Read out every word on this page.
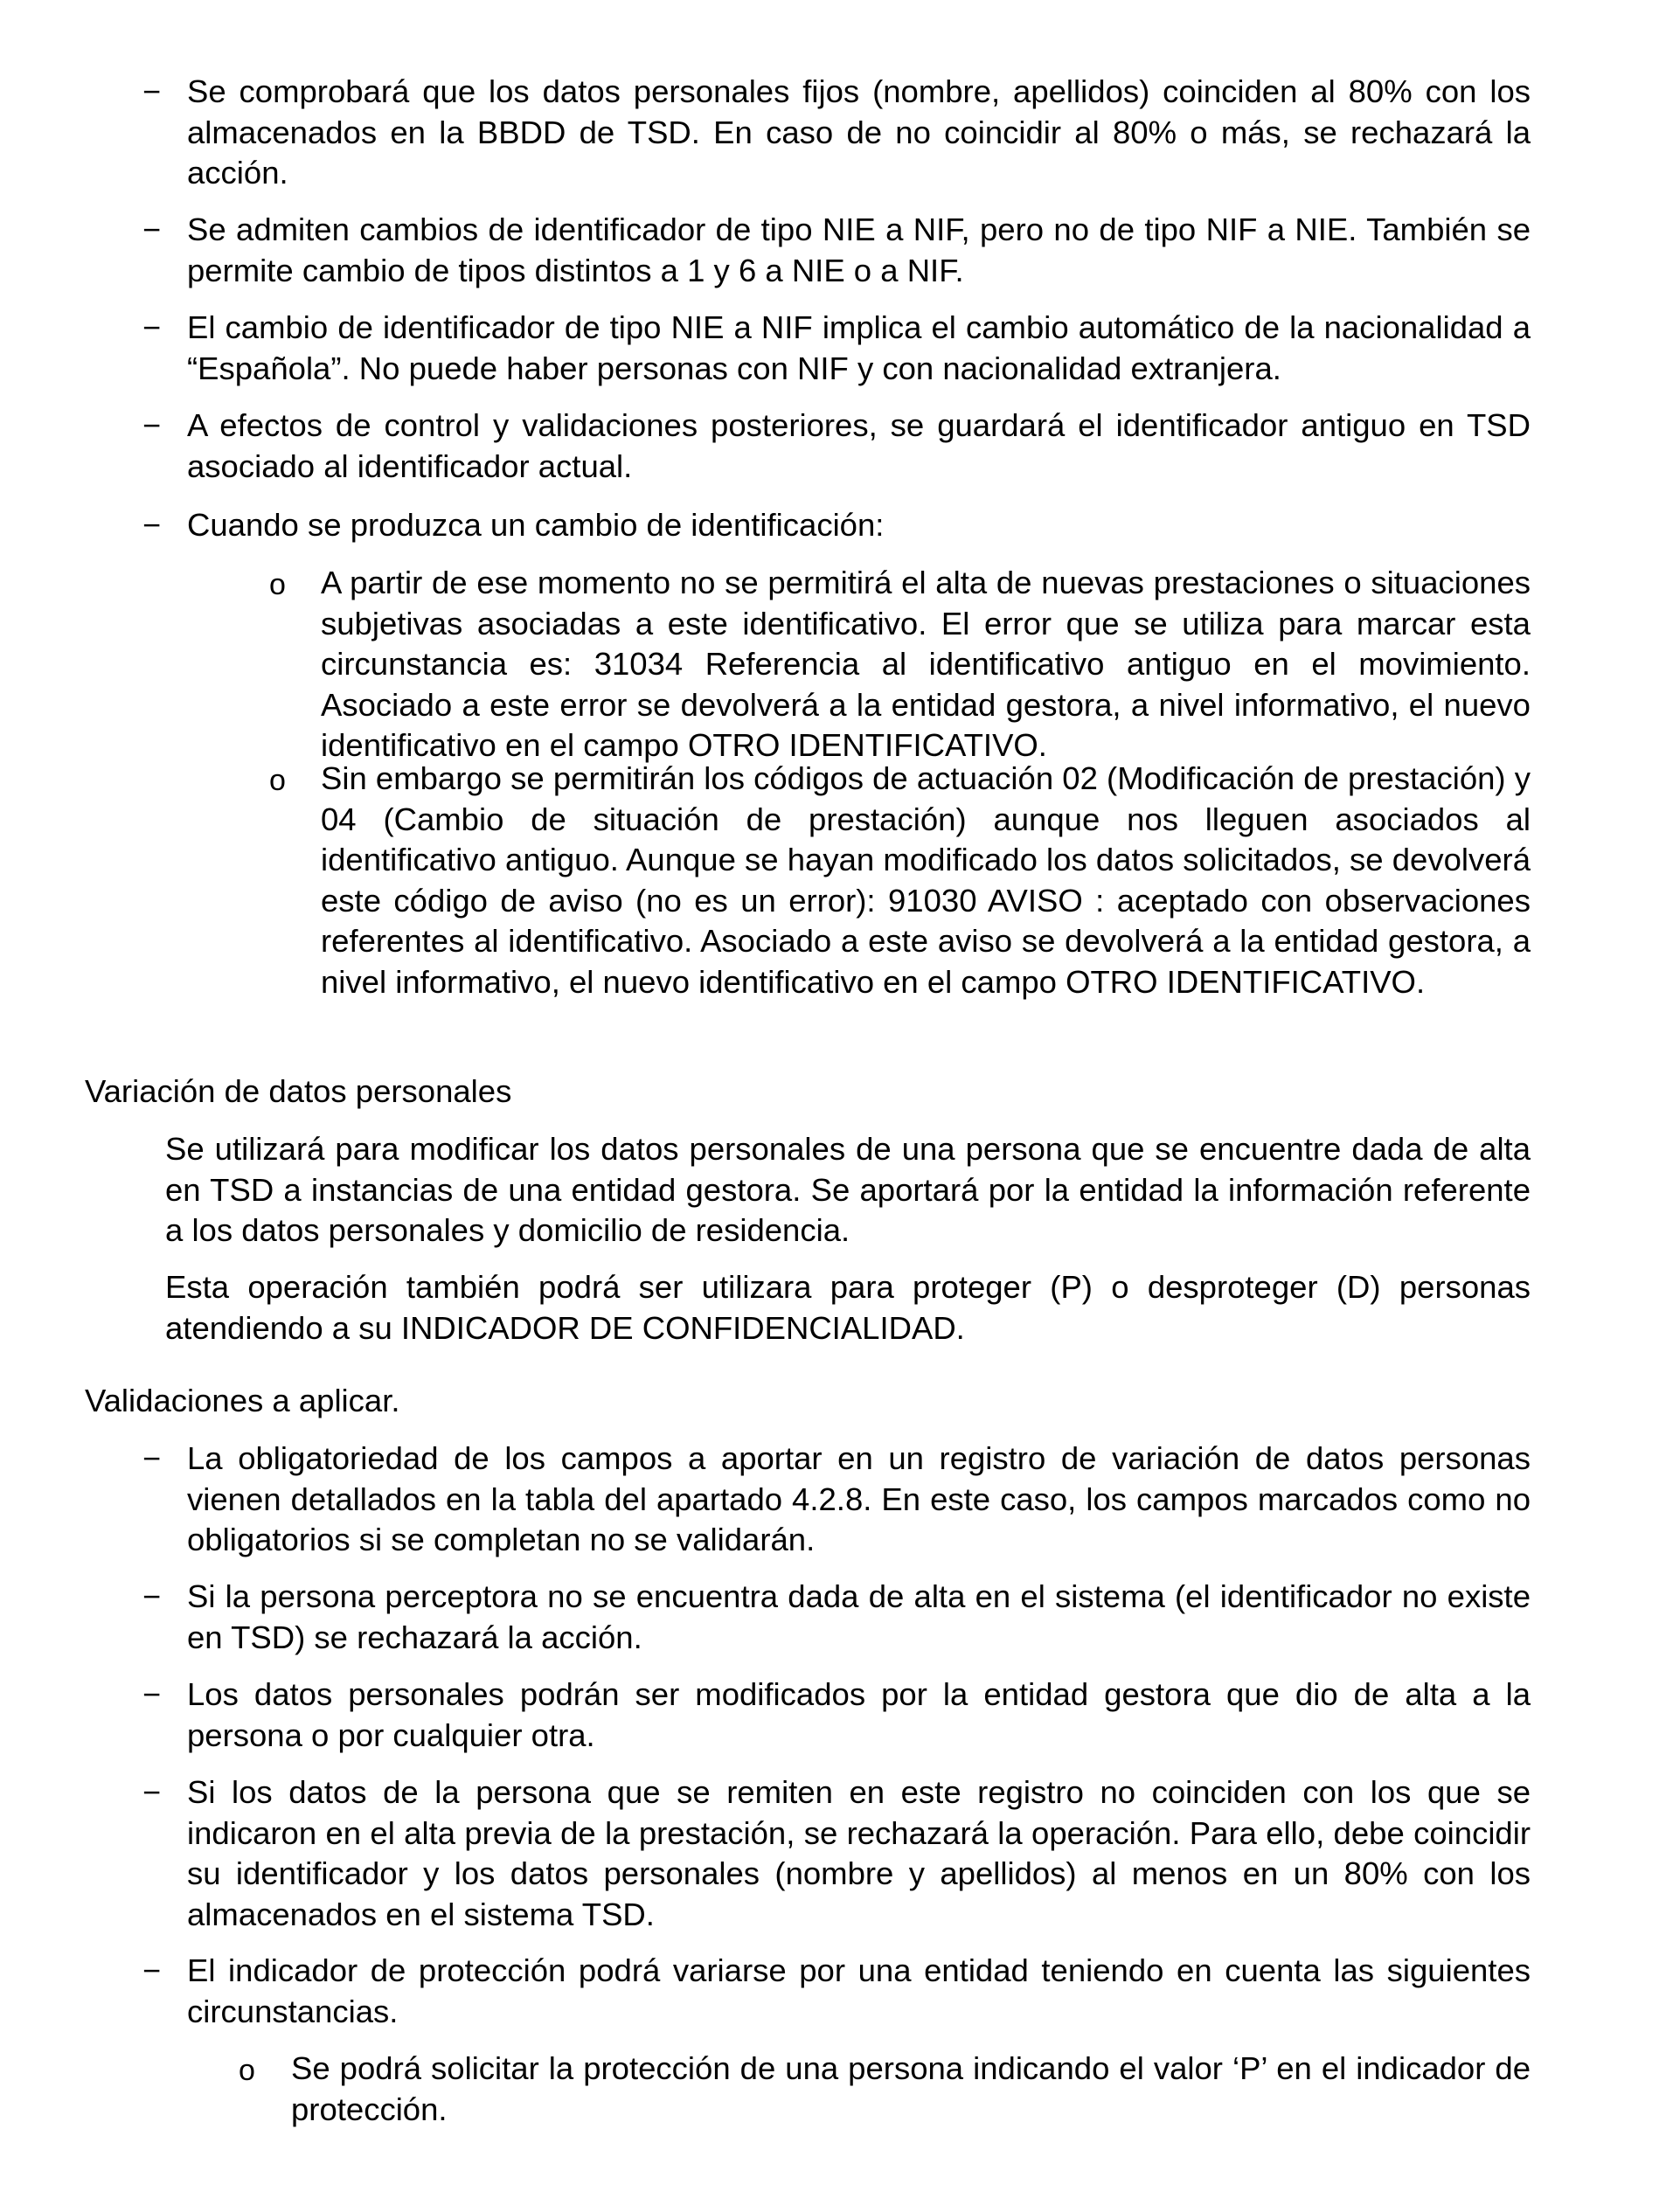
− Se comprobará que los datos personales fijos (nombre, apellidos) coinciden al 80% con los almacenados en la BBDD de TSD. En caso de no coincidir al 80% o más, se rechazará la acción.
− Se admiten cambios de identificador de tipo NIE a NIF, pero no de tipo NIF a NIE. También se permite cambio de tipos distintos a 1 y 6 a NIE o a NIF.
− El cambio de identificador de tipo NIE a NIF implica el cambio automático de la nacionalidad a “Española”. No puede haber personas con NIF y con nacionalidad extranjera.
− A efectos de control y validaciones posteriores, se guardará el identificador antiguo en TSD asociado al identificador actual.
− Cuando se produzca un cambio de identificación:
o A partir de ese momento no se permitirá el alta de nuevas prestaciones o situaciones subjetivas asociadas a este identificativo. El error que se utiliza para marcar esta circunstancia es: 31034 Referencia al identificativo antiguo en el movimiento. Asociado a este error se devolverá a la entidad gestora, a nivel informativo, el nuevo identificativo en el campo OTRO IDENTIFICATIVO.
o Sin embargo se permitirán los códigos de actuación 02 (Modificación de prestación) y 04 (Cambio de situación de prestación) aunque nos lleguen asociados al identificativo antiguo. Aunque se hayan modificado los datos solicitados, se devolverá este código de aviso (no es un error): 91030 AVISO : aceptado con observaciones referentes al identificativo. Asociado a este aviso se devolverá a la entidad gestora, a nivel informativo, el nuevo identificativo en el campo OTRO IDENTIFICATIVO.
Variación de datos personales
Se utilizará para modificar los datos personales de una persona que se encuentre dada de alta en TSD a instancias de una entidad gestora. Se aportará por la entidad la información referente a los datos personales y domicilio de residencia.
Esta operación también podrá ser utilizara para proteger (P) o desproteger (D) personas atendiendo a su INDICADOR DE CONFIDENCIALIDAD.
Validaciones a aplicar.
− La obligatoriedad de los campos a aportar en un registro de variación de datos personas vienen detallados en la tabla del apartado 4.2.8. En este caso, los campos marcados como no obligatorios si se completan no se validarán.
− Si la persona perceptora no se encuentra dada de alta en el sistema (el identificador no existe en TSD) se rechazará la acción.
− Los datos personales podrán ser modificados por la entidad gestora que dio de alta a la persona o por cualquier otra.
− Si los datos de la persona que se remiten en este registro no coinciden con los que se indicaron en el alta previa de la prestación, se rechazará la operación. Para ello, debe coincidir su identificador y los datos personales (nombre y apellidos) al menos en un 80% con los almacenados en el sistema TSD.
− El indicador de protección podrá variarse por una entidad teniendo en cuenta las siguientes circunstancias.
o Se podrá solicitar la protección de una persona indicando el valor ‘P’ en el indicador de protección.
